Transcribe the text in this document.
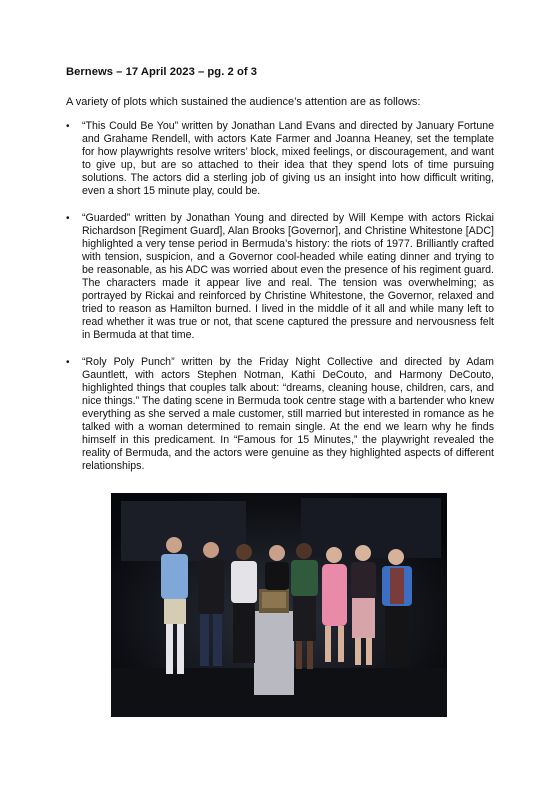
Bernews – 17 April 2023 – pg. 2 of 3
A variety of plots which sustained the audience’s attention are as follows:
• “This Could Be You” written by Jonathan Land Evans and directed by January Fortune and Grahame Rendell, with actors Kate Farmer and Joanna Heaney, set the template for how playwrights resolve writers’ block, mixed feelings, or discouragement, and want to give up, but are so attached to their idea that they spend lots of time pursuing solutions. The actors did a sterling job of giving us an insight into how difficult writing, even a short 15 minute play, could be.
• “Guarded” written by Jonathan Young and directed by Will Kempe with actors Rickai Richardson [Regiment Guard], Alan Brooks [Governor], and Christine Whitestone [ADC] highlighted a very tense period in Bermuda’s history: the riots of 1977. Brilliantly crafted with tension, suspicion, and a Governor cool-headed while eating dinner and trying to be reasonable, as his ADC was worried about even the presence of his regiment guard. The characters made it appear live and real. The tension was overwhelming; as portrayed by Rickai and reinforced by Christine Whitestone, the Governor, relaxed and tried to reason as Hamilton burned. I lived in the middle of it all and while many left to read whether it was true or not, that scene captured the pressure and nervousness felt in Bermuda at that time.
• “Roly Poly Punch” written by the Friday Night Collective and directed by Adam Gauntlett, with actors Stephen Notman, Kathi DeCouto, and Harmony DeCouto, highlighted things that couples talk about: “dreams, cleaning house, children, cars, and nice things.” The dating scene in Bermuda took centre stage with a bartender who knew everything as she served a male customer, still married but interested in romance as he talked with a woman determined to remain single. At the end we learn why he finds himself in this predicament. In “Famous for 15 Minutes,” the playwright revealed the reality of Bermuda, and the actors were genuine as they highlighted aspects of different relationships.
